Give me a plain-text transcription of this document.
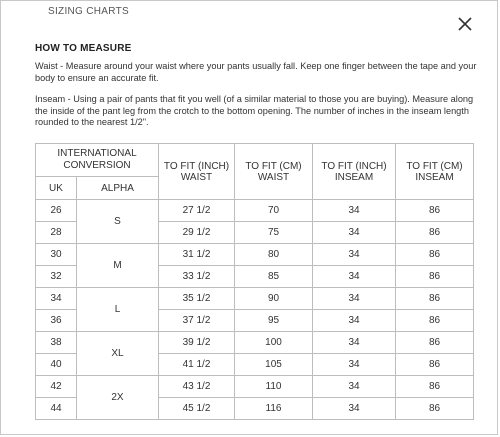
SIZING CHARTS
HOW TO MEASURE
Waist - Measure around your waist where your pants usually fall. Keep one finger between the tape and your body to ensure an accurate fit.
Inseam - Using a pair of pants that fit you well (of a similar material to those you are buying). Measure along the inside of the pant leg from the crotch to the bottom opening. The number of inches in the inseam length rounded to the nearest 1/2".
INTERNATIONAL CONVERSION		TO FIT (INCH) WAIST	TO FIT (CM) WAIST	TO FIT (INCH) INSEAM	TO FIT (CM) INSEAM
UK	ALPHA				
26	S	27 1/2	70	34	86
28		29 1/2	75	34	86
30	M	31 1/2	80	34	86
32		33 1/2	85	34	86
34	L	35 1/2	90	34	86
36		37 1/2	95	34	86
38	XL	39 1/2	100	34	86
40		41 1/2	105	34	86
42	2X	43 1/2	110	34	86
44		45 1/2	116	34	86
